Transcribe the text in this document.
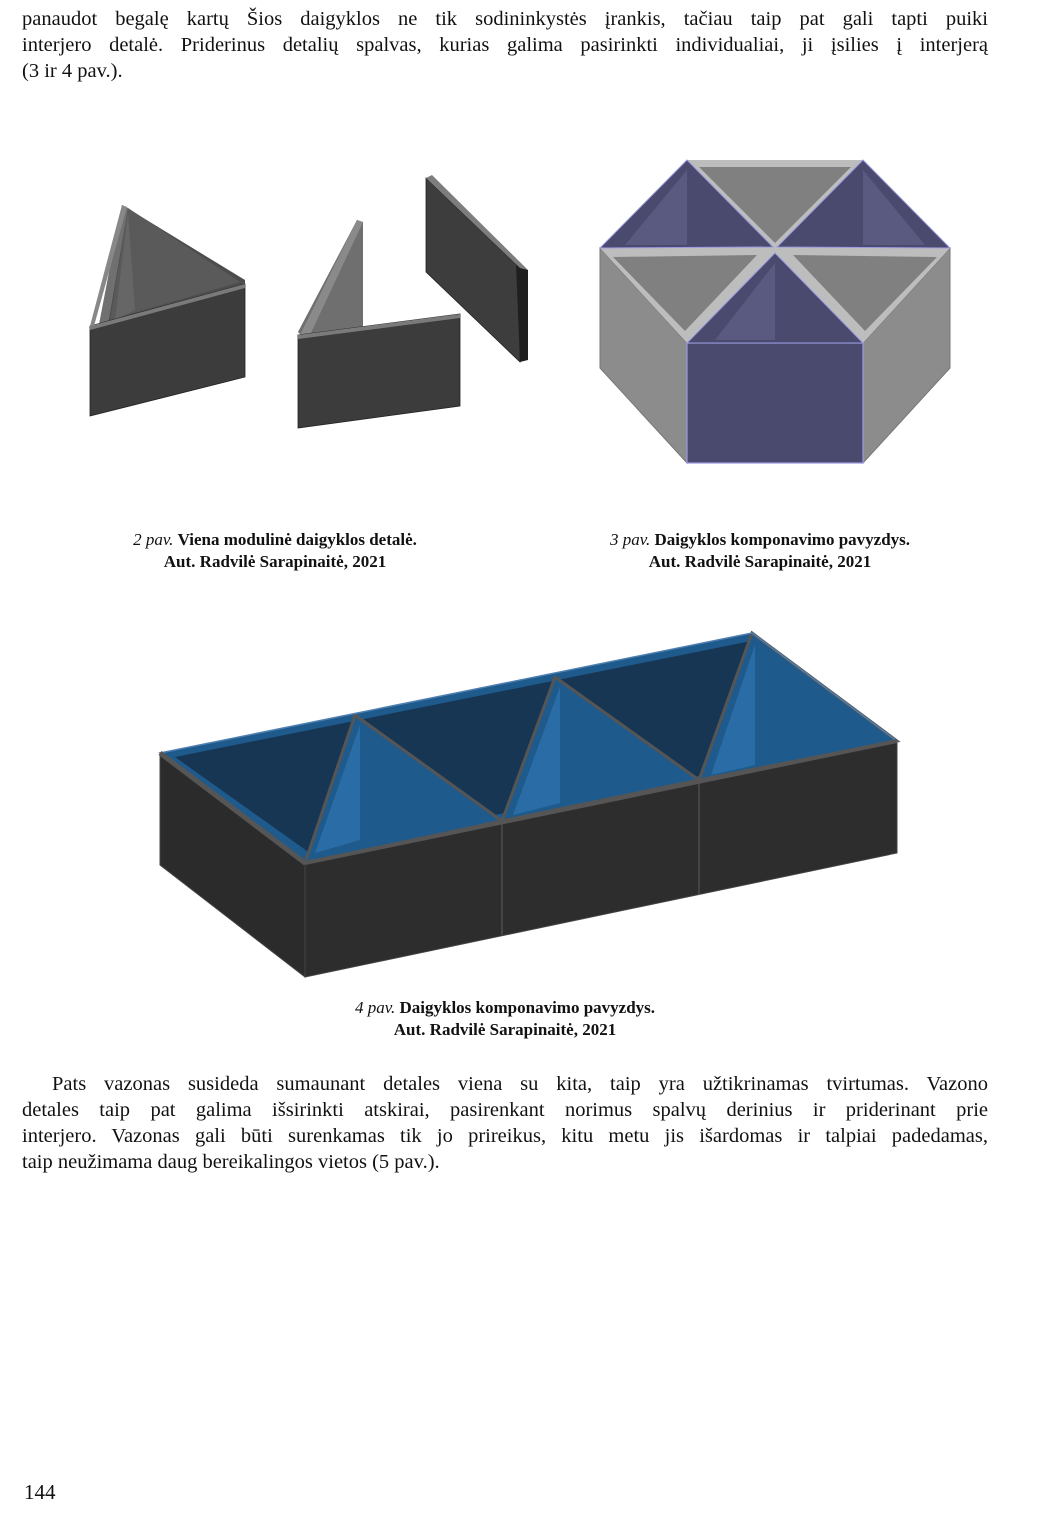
panaudot begalę kartų Šios daigyklos ne tik sodininkystės įrankis, tačiau taip pat gali tapti puiki
interjero detalė. Priderinus detalių spalvas, kurias galima pasirinkti individualiai, ji įsilies į interjerą
(3 ir 4 pav.).

2 pav. Viena modulinė daigyklos detalė.
Aut. Radvilė Sarapinaitė, 2021
3 pav. Daigyklos komponavimo pavyzdys.
Aut. Radvilė Sarapinaitė, 2021
4 pav. Daigyklos komponavimo pavyzdys.
Aut. Radvilė Sarapinaitė, 2021

Pats vazonas susideda sumaunant detales viena su kita, taip yra užtikrinamas tvirtumas. Vazono
detales taip pat galima išsirinkti atskirai, pasirenkant norimus spalvų derinius ir priderinant prie
interjero. Vazonas gali būti surenkamas tik jo prireikus, kitu metu jis išardomas ir talpiai padedamas,
taip neužimama daug bereikalingos vietos (5 pav.).

144
